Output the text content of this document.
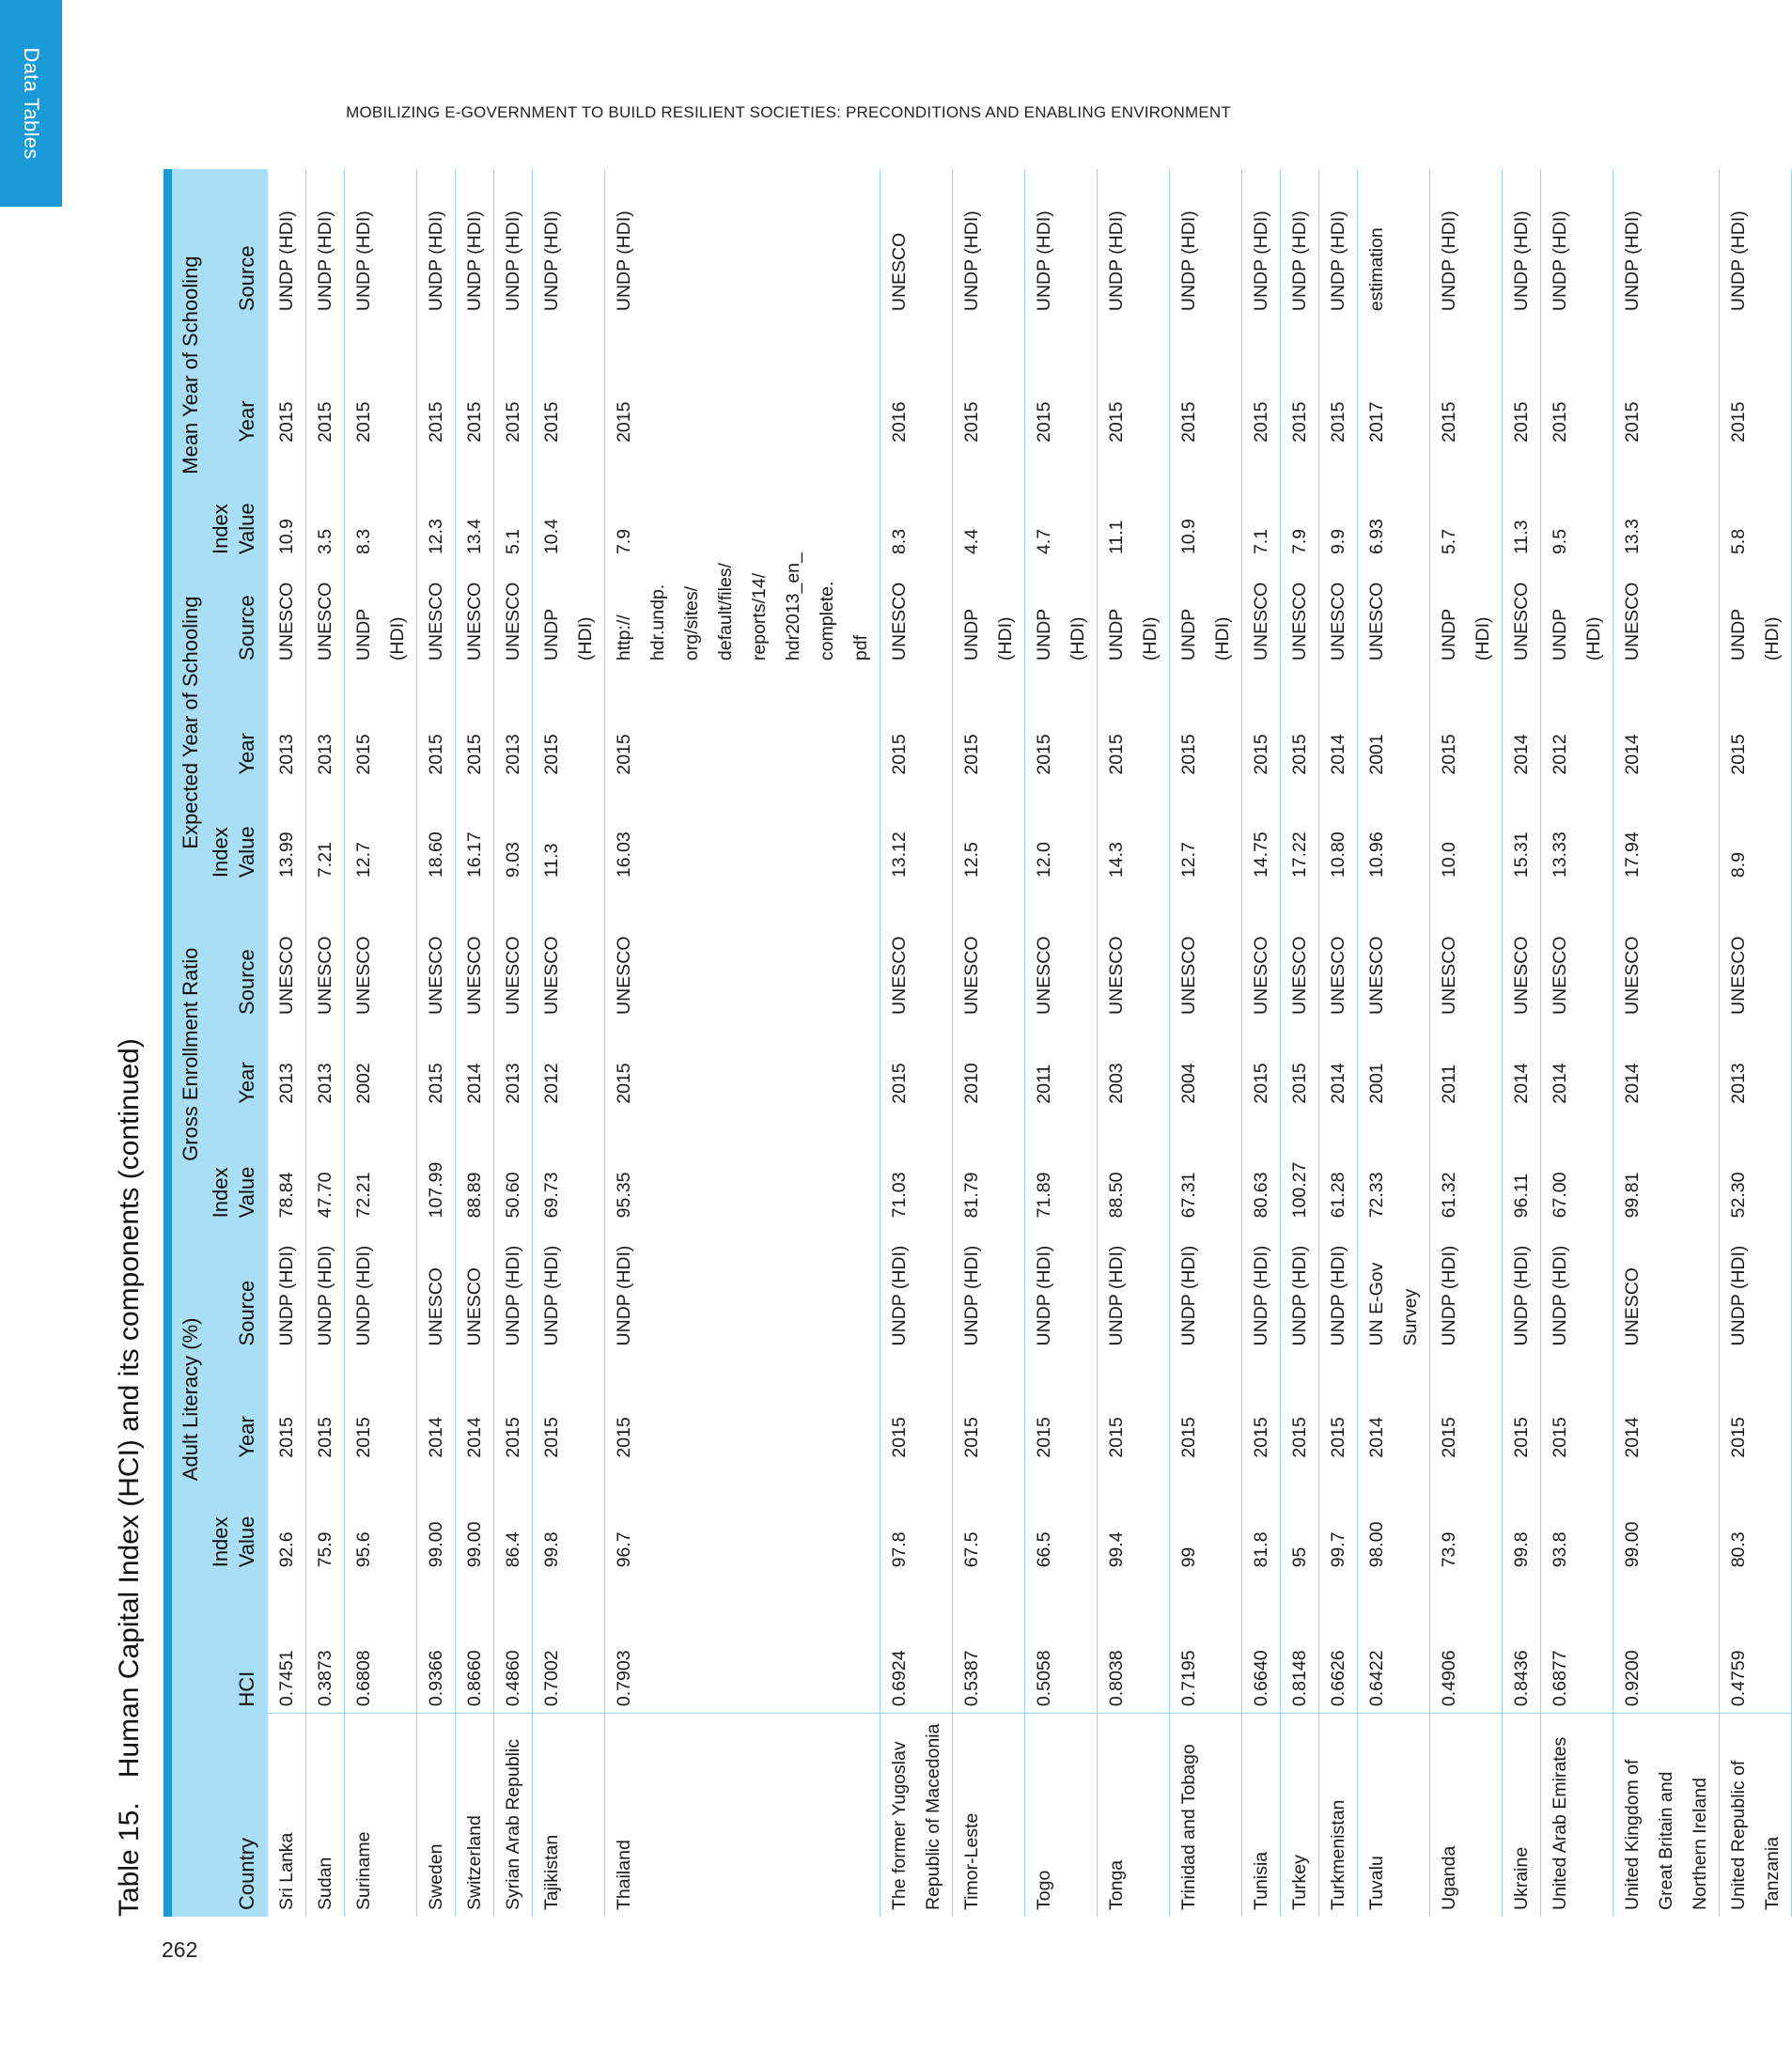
Data Tables	MOBILIZING E-GOVERNMENT TO BUILD RESILIENT SOCIETIES: PRECONDITIONS AND ENABLING ENVIRONMENT
262
Table 15.Human Capital Index (HCI) and its components (continued)

		Adult Literacy (%)			Gross Enrollment Ratio			Expected Year of Schooling			Mean Year of Schooling		
Country	HCI	Index Value	Year	Source	Index Value	Year	Source	Index Value	Year	Source	Index Value	Year	Source
Sri Lanka	0.7451	92.6	2015	UNDP (HDI)	78.84	2013	UNESCO	13.99	2013	UNESCO	10.9	2015	UNDP (HDI)
Sudan	0.3873	75.9	2015	UNDP (HDI)	47.70	2013	UNESCO	7.21	2013	UNESCO	3.5	2015	UNDP (HDI)
Suriname	0.6808	95.6	2015	UNDP (HDI)	72.21	2002	UNESCO	12.7	2015	UNDP (HDI)	8.3	2015	UNDP (HDI)
Sweden	0.9366	99.00	2014	UNESCO	107.99	2015	UNESCO	18.60	2015	UNESCO	12.3	2015	UNDP (HDI)
Switzerland	0.8660	99.00	2014	UNESCO	88.89	2014	UNESCO	16.17	2015	UNESCO	13.4	2015	UNDP (HDI)
Syrian Arab Republic	0.4860	86.4	2015	UNDP (HDI)	50.60	2013	UNESCO	9.03	2013	UNESCO	5.1	2015	UNDP (HDI)
Tajikistan	0.7002	99.8	2015	UNDP (HDI)	69.73	2012	UNESCO	11.3	2015	UNDP (HDI)	10.4	2015	UNDP (HDI)
Thailand	0.7903	96.7	2015	UNDP (HDI)	95.35	2015	UNESCO	16.03	2015	http:// hdr.undp. org/sites/ default/files/ reports/14/ hdr2013_en_ complete. pdf	7.9	2015	UNDP (HDI)
The former Yugoslav Republic of Macedonia	0.6924	97.8	2015	UNDP (HDI)	71.03	2015	UNESCO	13.12	2015	UNESCO	8.3	2016	UNESCO
Timor-Leste	0.5387	67.5	2015	UNDP (HDI)	81.79	2010	UNESCO	12.5	2015	UNDP (HDI)	4.4	2015	UNDP (HDI)
Togo	0.5058	66.5	2015	UNDP (HDI)	71.89	2011	UNESCO	12.0	2015	UNDP (HDI)	4.7	2015	UNDP (HDI)
Tonga	0.8038	99.4	2015	UNDP (HDI)	88.50	2003	UNESCO	14.3	2015	UNDP (HDI)	11.1	2015	UNDP (HDI)
Trinidad and Tobago	0.7195	99	2015	UNDP (HDI)	67.31	2004	UNESCO	12.7	2015	UNDP (HDI)	10.9	2015	UNDP (HDI)
Tunisia	0.6640	81.8	2015	UNDP (HDI)	80.63	2015	UNESCO	14.75	2015	UNESCO	7.1	2015	UNDP (HDI)
Turkey	0.8148	95	2015	UNDP (HDI)	100.27	2015	UNESCO	17.22	2015	UNESCO	7.9	2015	UNDP (HDI)
Turkmenistan	0.6626	99.7	2015	UNDP (HDI)	61.28	2014	UNESCO	10.80	2014	UNESCO	9.9	2015	UNDP (HDI)
Tuvalu	0.6422	98.00	2014	UN E-Gov Survey	72.33	2001	UNESCO	10.96	2001	UNESCO	6.93	2017	estimation
Uganda	0.4906	73.9	2015	UNDP (HDI)	61.32	2011	UNESCO	10.0	2015	UNDP (HDI)	5.7	2015	UNDP (HDI)
Ukraine	0.8436	99.8	2015	UNDP (HDI)	96.11	2014	UNESCO	15.31	2014	UNESCO	11.3	2015	UNDP (HDI)
United Arab Emirates	0.6877	93.8	2015	UNDP (HDI)	67.00	2014	UNESCO	13.33	2012	UNDP (HDI)	9.5	2015	UNDP (HDI)
United Kingdom of Great Britain and Northern Ireland	0.9200	99.00	2014	UNESCO	99.81	2014	UNESCO	17.94	2014	UNESCO	13.3	2015	UNDP (HDI)
United Republic of Tanzania	0.4759	80.3	2015	UNDP (HDI)	52.30	2013	UNESCO	8.9	2015	UNDP (HDI)	5.8	2015	UNDP (HDI)
